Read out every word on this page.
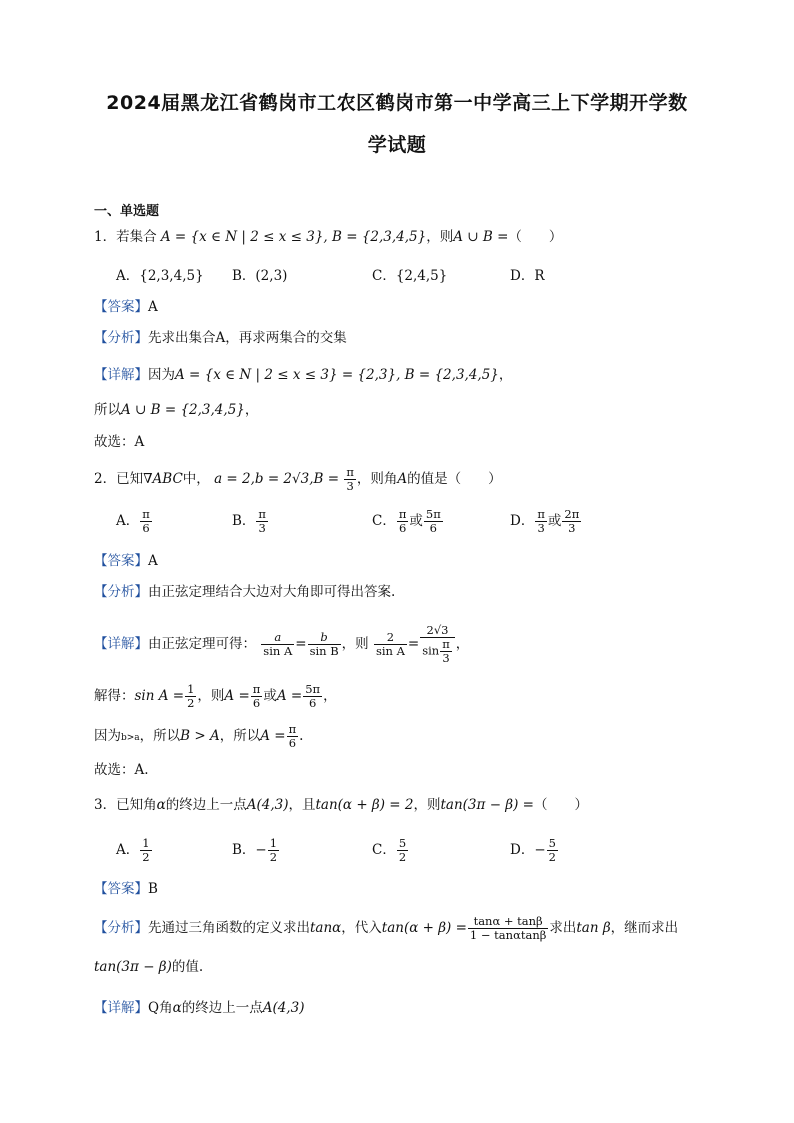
2024届黑龙江省鹤岗市工农区鹤岗市第一中学高三上下学期开学数
学试题
一、单选题
1．若集合 A = {x ∈ N | 2 ≤ x ≤ 3}, B = {2,3,4,5}，则A ∪ B =（　　）
A．{2,3,4,5} B．(2,3)	C．{2,4,5}	D．R
【答案】A
【分析】先求出集合A，再求两集合的交集
【详解】因为A = {x ∈ N | 2 ≤ x ≤ 3} = {2,3}, B = {2,3,4,5}，
所以A ∪ B = {2,3,4,5}，
故选：A
2．已知∇ABC中， $a = 2,b = 2√3,B = \frac{\pi}{3}$ ，则角A的值是（　　）
A． $\frac{\pi}{6}$	B． $\frac{\pi}{3}$	C． $\frac{\pi}{6}$ 或 $\frac{5\pi}{6}$	D． $\frac{\pi}{3}$ 或 $\frac{2\pi}{3}$
【答案】A
【分析】由正弦定理结合大边对大角即可得出答案.
【详解】由正弦定理可得： $\frac{a}{\text{sin A}} = \frac{b}{\text{sin B}}$ ，则 $\frac{2}{\text{sin A}} = \frac{2√3}{\sin \frac{\pi}{3}}$ ，
解得：$\sin A = \frac{1}{2}$ ，则$A = \frac{\pi}{6}$ 或$A = \frac{5\pi}{6}$ ，
因为b>a，所以B > A，所以$A = \frac{\pi}{6}$ .
故选：A.
3．已知角α的终边上一点A(4,3)，且tan(α + β) = 2，则tan(3π − β) =（　　）
A． $\frac{1}{2}$	B．− $\frac{1}{2}$	C． $\frac{5}{2}$	D．− $\frac{5}{2}$
【答案】B
【分析】先通过三角函数的定义求出tanα，代入$\tan(\alpha + \beta) = \frac{\tan\alpha + \tan\beta}{1 - \tan\alpha\tan\beta}$ 求出tan β，继而求出
tan(3π − β)的值.
【详解】Q角α的终边上一点A(4,3)
